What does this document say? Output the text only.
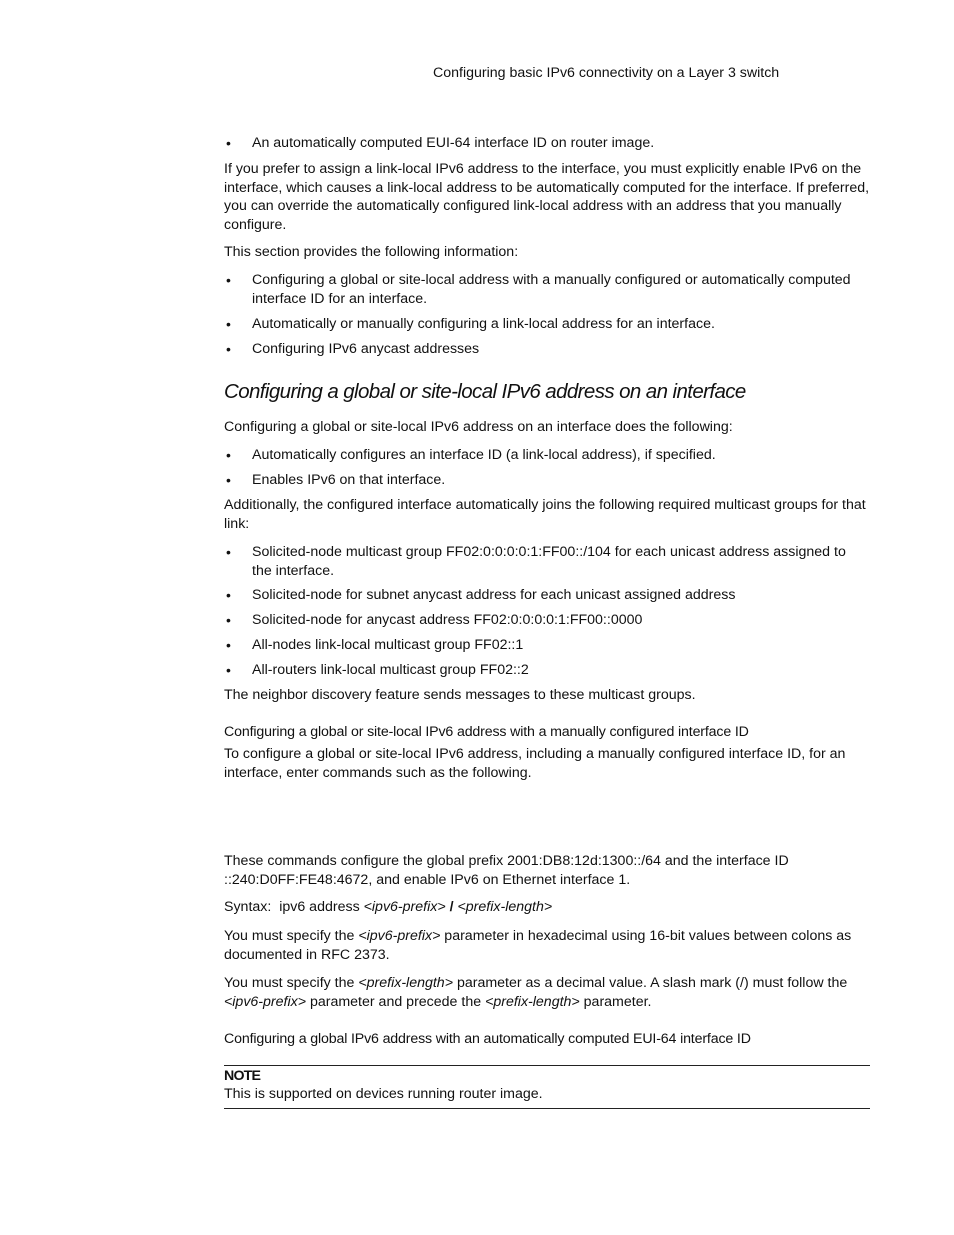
Configuring basic IPv6 connectivity on a Layer 3 switch
• An automatically computed EUI-64 interface ID on router image.

If you prefer to assign a link-local IPv6 address to the interface, you must explicitly enable IPv6 on the interface, which causes a link-local address to be automatically computed for the interface. If preferred, you can override the automatically configured link-local address with an address that you manually configure.

This section provides the following information:

• Configuring a global or site-local address with a manually configured or automatically computed interface ID for an interface.
• Automatically or manually configuring a link-local address for an interface.
• Configuring IPv6 anycast addresses
Configuring a global or site-local IPv6 address on an interface

Configuring a global or site-local IPv6 address on an interface does the following:

• Automatically configures an interface ID (a link-local address), if specified.
• Enables IPv6 on that interface.

Additionally, the configured interface automatically joins the following required multicast groups for that link:

• Solicited-node multicast group FF02:0:0:0:0:1:FF00::/104 for each unicast address assigned to the interface.
• Solicited-node for subnet anycast address for each unicast assigned address
• Solicited-node for anycast address FF02:0:0:0:0:1:FF00::0000
• All-nodes link-local multicast group FF02::1
• All-routers link-local multicast group FF02::2

The neighbor discovery feature sends messages to these multicast groups.

Configuring a global or site-local IPv6 address with a manually configured interface ID

To configure a global or site-local IPv6 address, including a manually configured interface ID, for an interface, enter commands such as the following.

These commands configure the global prefix 2001:DB8:12d:1300::/64 and the interface ID ::240:D0FF:FE48:4672, and enable IPv6 on Ethernet interface 1.

Syntax: ipv6 address <ipv6-prefix> / <prefix-length>

You must specify the <ipv6-prefix> parameter in hexadecimal using 16-bit values between colons as documented in RFC 2373.

You must specify the <prefix-length> parameter as a decimal value. A slash mark (/) must follow the <ipv6-prefix> parameter and precede the <prefix-length> parameter.

Configuring a global IPv6 address with an automatically computed EUI-64 interface ID
NOTE

This is supported on devices running router image.
